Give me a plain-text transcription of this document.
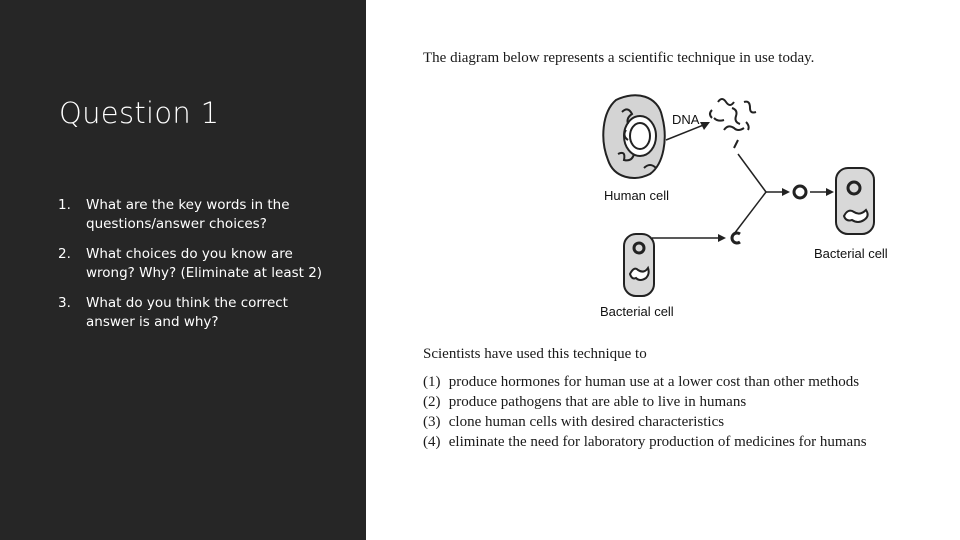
Question 1
1. What are the key words in the questions/answer choices?
2. What choices do you know are wrong? Why? (Eliminate at least 2)
3. What do you think the correct answer is and why?

The diagram below represents a scientific technique in use today.

Human cell
DNA
Bacterial cell
Bacterial cell

Scientists have used this technique to

(1) produce hormones for human use at a lower cost than other methods
(2) produce pathogens that are able to live in humans
(3) clone human cells with desired characteristics
(4) eliminate the need for laboratory production of medicines for humans
